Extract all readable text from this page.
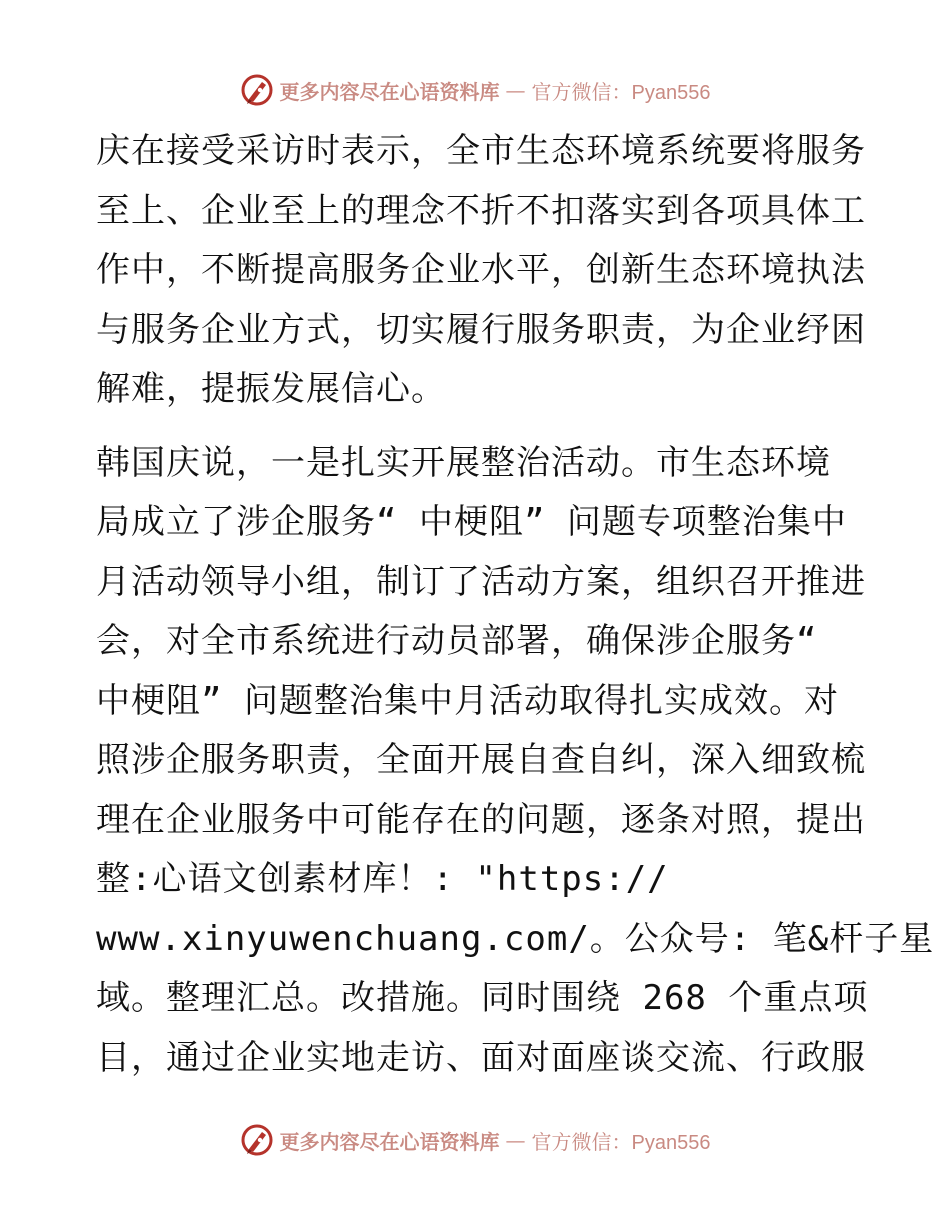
更多内容尽在心语资料库 — 官方微信：Pyan556
庆在接受采访时表示，全市生态环境系统要将服务
至上、企业至上的理念不折不扣落实到各项具体工
作中，不断提高服务企业水平，创新生态环境执法
与服务企业方式，切实履行服务职责，为企业纾困
解难，提振发展信心。
韩国庆说，一是扎实开展整治活动。市生态环境
局成立了涉企服务“ 中梗阻” 问题专项整治集中
月活动领导小组，制订了活动方案，组织召开推进
会，对全市系统进行动员部署，确保涉企服务“
中梗阻” 问题整治集中月活动取得扎实成效。对
照涉企服务职责，全面开展自查自纠，深入细致梳
理在企业服务中可能存在的问题，逐条对照，提出
整:心语文创素材库！: "https://
www.xinyuwenchuang.com/。公众号: 笔&杆子星
域。整理汇总。改措施。同时围绕 268 个重点项
目，通过企业实地走访、面对面座谈交流、行政服
更多内容尽在心语资料库 — 官方微信：Pyan556
